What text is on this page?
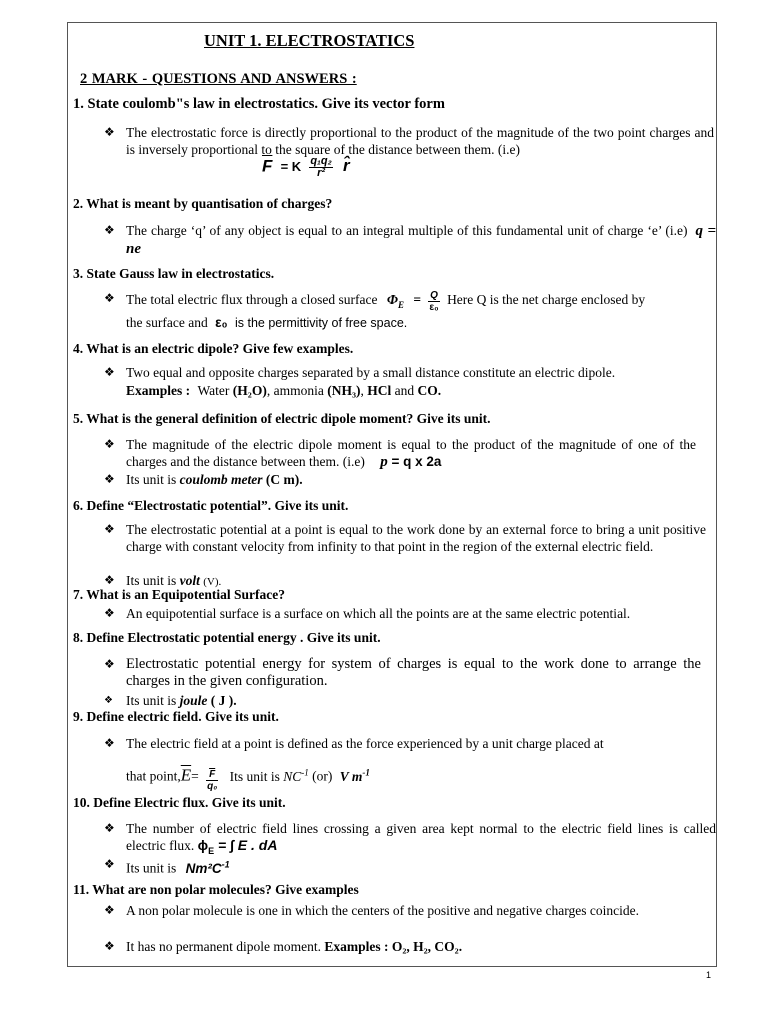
UNIT 1. ELECTROSTATICS
2 MARK - QUESTIONS AND ANSWERS :
1. State coulomb"s law in electrostatics. Give its vector form
❖ The electrostatic force is directly proportional to the product of the magnitude of the two point charges and is inversely proportional to the square of the distance between them. (i.e)
$\overline{F} = K \frac{\text{q₁q₂}}{\text{r²}}$ r̂
2. What is meant by quantisation of charges?
❖ The charge ‘q’ of any object is equal to an integral multiple of this fundamental unit of charge ‘e’ (i.e) q = ne
3. State Gauss law in electrostatics.
❖ The total electric flux through a closed surface $\Phi_E = \frac{Q}{\text{ε₀}}$ Here Q is the net charge enclosed by
the surface and ε₀ is the permittivity of free space.
4. What is an electric dipole? Give few examples.
❖ Two equal and opposite charges separated by a small distance constitute an electric dipole.
Examples : Water (H₂O), ammonia (NH₃), HCl and CO.
5. What is the general definition of electric dipole moment? Give its unit.
❖ The magnitude of the electric dipole moment is equal to the product of the magnitude of one of the charges and the distance between them. (i.e) p = q x 2a
❖ Its unit is coulomb meter (C m).
6. Define “Electrostatic potential”. Give its unit.
❖ The electrostatic potential at a point is equal to the work done by an external force to bring a unit positive charge with constant velocity from infinity to that point in the region of the external electric field.
❖ Its unit is volt (V).
7. What is an Equipotential Surface?
❖ An equipotential surface is a surface on which all the points are at the same electric potential.
8. Define Electrostatic potential energy . Give its unit.
❖ Electrostatic potential energy for system of charges is equal to the work done to arrange the charges in the given configuration.
❖ Its unit is joule ( J ).
9. Define electric field. Give its unit.
❖ The electric field at a point is defined as the force experienced by a unit charge placed at
that $point,\overline{E}= \frac{\overline{F}}{\text{q₀}}$ Its unit is $NC^{-1}$ (or) V $m^{-1}$
10. Define Electric flux. Give its unit.
❖ The number of electric field lines crossing a given area kept normal to the electric field lines is called electric flux. $\phi_E$ = ∫ E . dA
❖ Its unit is $Nm^2C^{-1}$
11. What are non polar molecules? Give examples
❖ A non polar molecule is one in which the centers of the positive and negative charges coincide.
❖ It has no permanent dipole moment. Examples : O₂, H₂, CO₂.
1
